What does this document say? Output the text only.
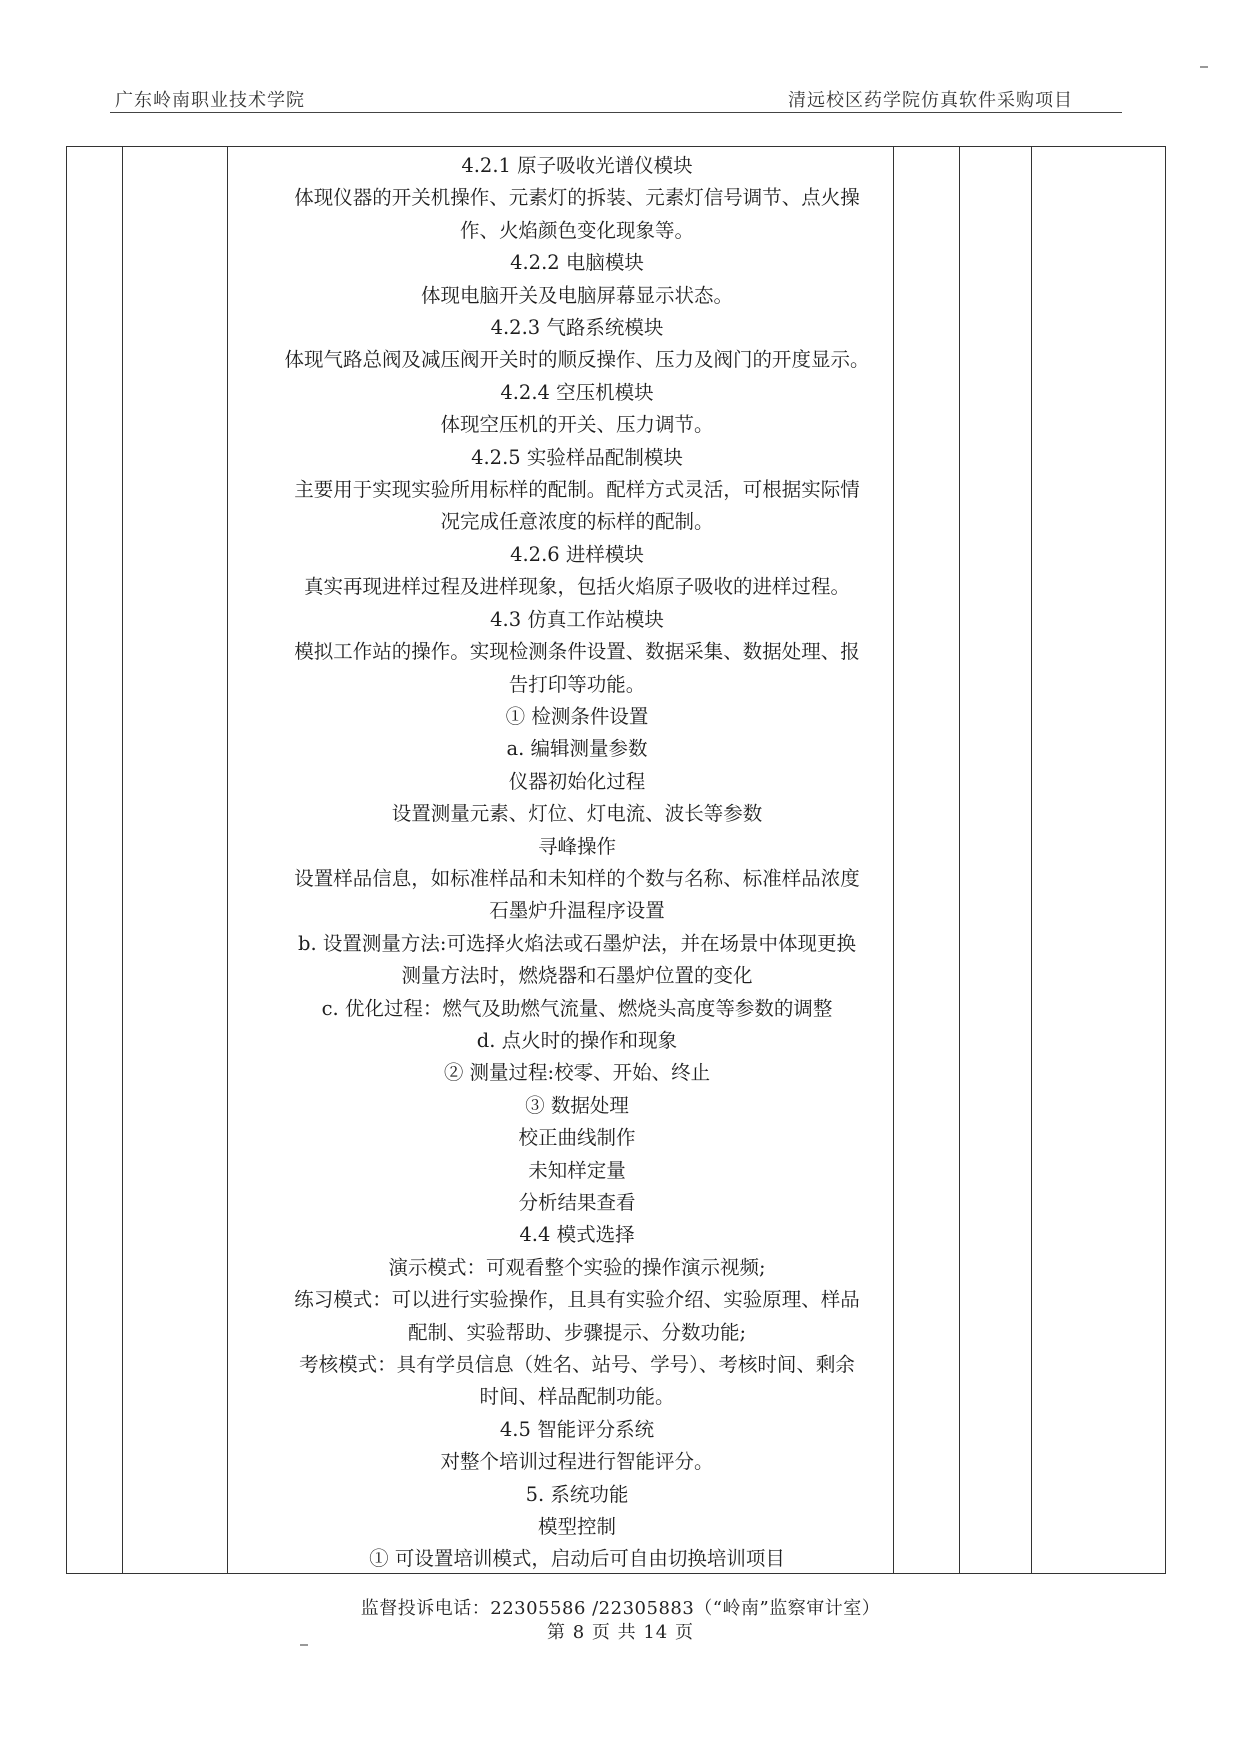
广东岭南职业技术学院	清远校区药学院仿真软件采购项目
4.2.1 原子吸收光谱仪模块
体现仪器的开关机操作、元素灯的拆装、元素灯信号调节、点火操
作、火焰颜色变化现象等。
4.2.2 电脑模块
体现电脑开关及电脑屏幕显示状态。
4.2.3 气路系统模块
体现气路总阀及减压阀开关时的顺反操作、压力及阀门的开度显示。
4.2.4 空压机模块
体现空压机的开关、压力调节。
4.2.5 实验样品配制模块
主要用于实现实验所用标样的配制。配样方式灵活，可根据实际情
况完成任意浓度的标样的配制。
4.2.6 进样模块
真实再现进样过程及进样现象，包括火焰原子吸收的进样过程。
4.3 仿真工作站模块
模拟工作站的操作。实现检测条件设置、数据采集、数据处理、报
告打印等功能。
① 检测条件设置
a. 编辑测量参数
仪器初始化过程
设置测量元素、灯位、灯电流、波长等参数
寻峰操作
设置样品信息，如标准样品和未知样的个数与名称、标准样品浓度
石墨炉升温程序设置
b. 设置测量方法:可选择火焰法或石墨炉法，并在场景中体现更换
测量方法时，燃烧器和石墨炉位置的变化
c. 优化过程：燃气及助燃气流量、燃烧头高度等参数的调整
d. 点火时的操作和现象
② 测量过程:校零、开始、终止
③ 数据处理
校正曲线制作
未知样定量
分析结果查看
4.4 模式选择
演示模式：可观看整个实验的操作演示视频;
练习模式：可以进行实验操作，且具有实验介绍、实验原理、样品
配制、实验帮助、步骤提示、分数功能;
考核模式：具有学员信息（姓名、站号、学号）、考核时间、剩余
时间、样品配制功能。
4.5 智能评分系统
对整个培训过程进行智能评分。
5. 系统功能
模型控制
① 可设置培训模式，启动后可自由切换培训项目
监督投诉电话：22305586 /22305883（“岭南”监察审计室）
第 8 页 共 14 页
